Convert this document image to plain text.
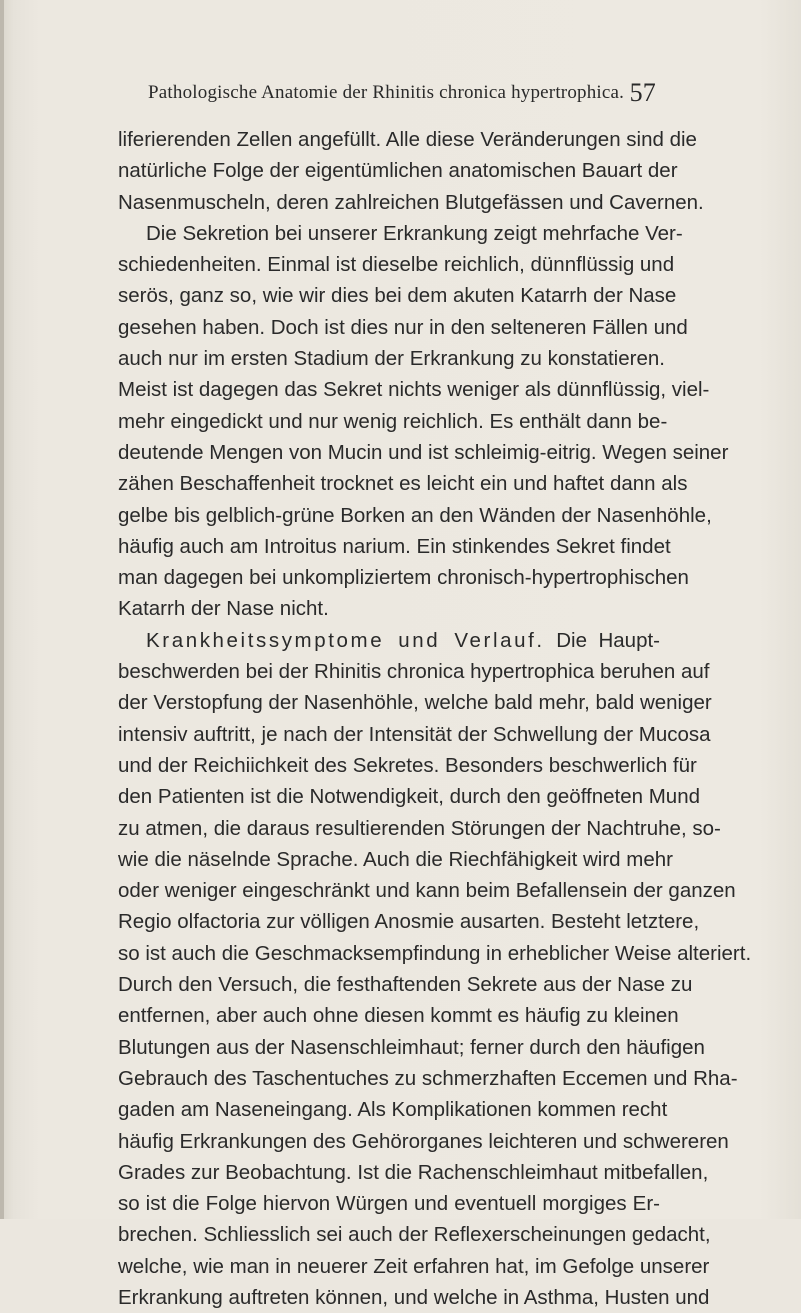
Pathologische Anatomie der Rhinitis chronica hypertrophica. 57
liferierenden Zellen angefüllt. Alle diese Veränderungen sind die
natürliche Folge der eigentümlichen anatomischen Bauart der
Nasenmuscheln, deren zahlreichen Blutgefässen und Cavernen.
Die Sekretion bei unserer Erkrankung zeigt mehrfache Ver-
schiedenheiten. Einmal ist dieselbe reichlich, dünnflüssig und
serös, ganz so, wie wir dies bei dem akuten Katarrh der Nase
gesehen haben. Doch ist dies nur in den selteneren Fällen und
auch nur im ersten Stadium der Erkrankung zu konstatieren.
Meist ist dagegen das Sekret nichts weniger als dünnflüssig, viel-
mehr eingedickt und nur wenig reichlich. Es enthält dann be-
deutende Mengen von Mucin und ist schleimig-eitrig. Wegen seiner
zähen Beschaffenheit trocknet es leicht ein und haftet dann als
gelbe bis gelblich-grüne Borken an den Wänden der Nasenhöhle,
häufig auch am Introitus narium. Ein stinkendes Sekret findet
man dagegen bei unkompliziertem chronisch-hypertrophischen
Katarrh der Nase nicht.
Krankheitssymptome und Verlauf. Die Haupt-
beschwerden bei der Rhinitis chronica hypertrophica beruhen auf
der Verstopfung der Nasenhöhle, welche bald mehr, bald weniger
intensiv auftritt, je nach der Intensität der Schwellung der Mucosa
und der Reichiichkeit des Sekretes. Besonders beschwerlich für
den Patienten ist die Notwendigkeit, durch den geöffneten Mund
zu atmen, die daraus resultierenden Störungen der Nachtruhe, so-
wie die näselnde Sprache. Auch die Riechfähigkeit wird mehr
oder weniger eingeschränkt und kann beim Befallensein der ganzen
Regio olfactoria zur völligen Anosmie ausarten. Besteht letztere,
so ist auch die Geschmacksempfindung in erheblicher Weise alteriert.
Durch den Versuch, die festhaftenden Sekrete aus der Nase zu
entfernen, aber auch ohne diesen kommt es häufig zu kleinen
Blutungen aus der Nasenschleimhaut; ferner durch den häufigen
Gebrauch des Taschentuches zu schmerzhaften Eccemen und Rha-
gaden am Naseneingang. Als Komplikationen kommen recht
häufig Erkrankungen des Gehörorganes leichteren und schwereren
Grades zur Beobachtung. Ist die Rachenschleimhaut mitbefallen,
so ist die Folge hiervon Würgen und eventuell morgiges Er-
brechen. Schliesslich sei auch der Reflexerscheinungen gedacht,
welche, wie man in neuerer Zeit erfahren hat, im Gefolge unserer
Erkrankung auftreten können, und welche in Asthma, Husten und
